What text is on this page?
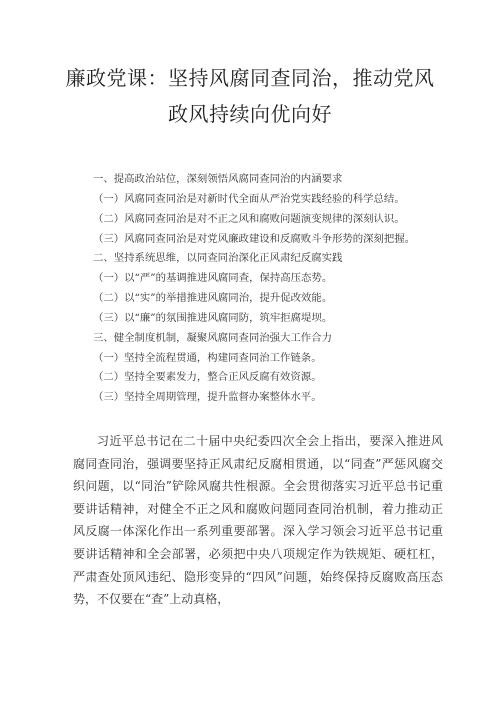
廉政党课：坚持风腐同查同治，推动党风
政风持续向优向好
一、提高政治站位，深刻领悟风腐同查同治的内涵要求
（一）风腐同查同治是对新时代全面从严治党实践经验的科学总结。
（二）风腐同查同治是对不正之风和腐败问题演变规律的深刻认识。
（三）风腐同查同治是对党风廉政建设和反腐败斗争形势的深刻把握。
二、坚持系统思维，以同查同治深化正风肃纪反腐实践
（一）以“严”的基调推进风腐同查，保持高压态势。
（二）以“实”的举措推进风腐同治，提升促改效能。
（三）以“廉”的氛围推进风腐同防，筑牢拒腐堤坝。
三、健全制度机制，凝聚风腐同查同治强大工作合力
（一）坚持全流程贯通，构建同查同治工作链条。
（二）坚持全要素发力，整合正风反腐有效资源。
（三）坚持全周期管理，提升监督办案整体水平。

习近平总书记在二十届中央纪委四次全会上指出，要深入推进风腐同查同治，强调要坚持正风肃纪反腐相贯通，以“同查”严惩风腐交织问题，以“同治”铲除风腐共性根源。全会贯彻落实习近平总书记重要讲话精神，对健全不正之风和腐败问题同查同治机制，着力推动正风反腐一体深化作出一系列重要部署。深入学习领会习近平总书记重要讲话精神和全会部署，必须把中央八项规定作为铁规矩、硬杠杠，严肃查处顶风违纪、隐形变异的“四风”问题，始终保持反腐败高压态势，不仅要在“查”上动真格，
